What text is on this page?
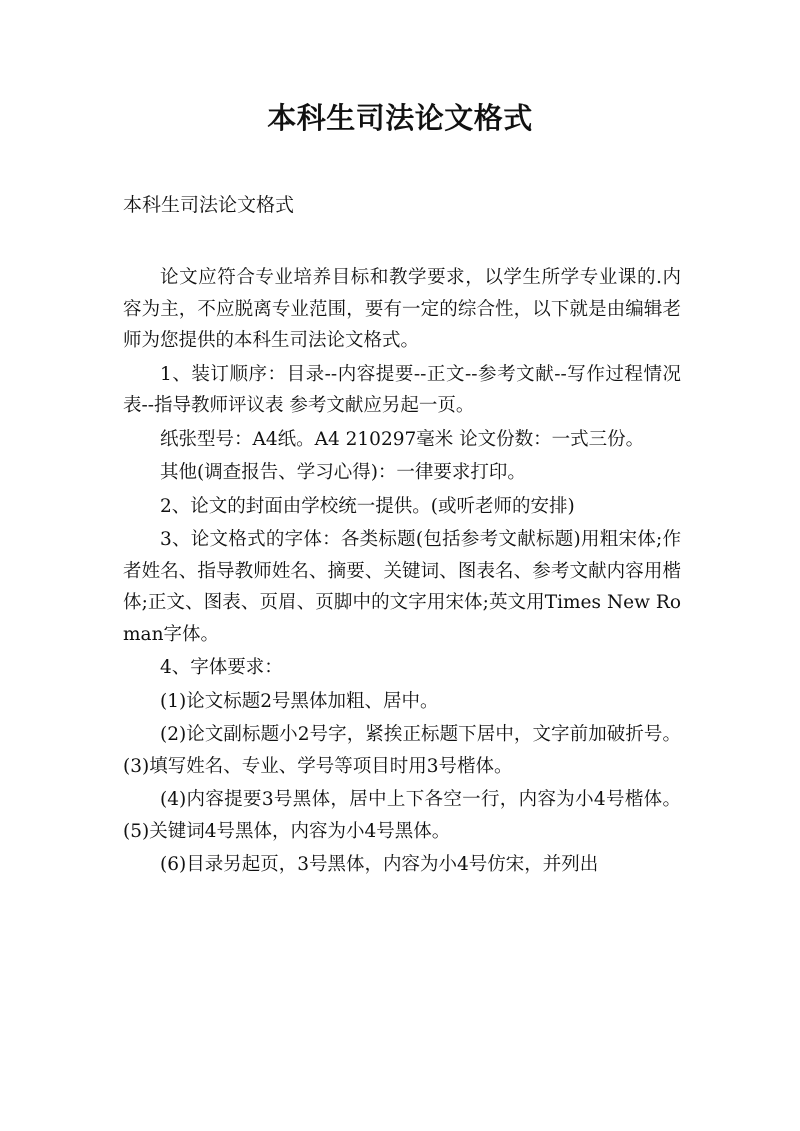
本科生司法论文格式

本科生司法论文格式

论文应符合专业培养目标和教学要求，以学生所学专业课的.内容为主，不应脱离专业范围，要有一定的综合性，以下就是由编辑老师为您提供的本科生司法论文格式。

1、装订顺序：目录--内容提要--正文--参考文献--写作过程情况表--指导教师评议表 参考文献应另起一页。

纸张型号：A4纸。A4 210297毫米 论文份数：一式三份。

其他(调查报告、学习心得)：一律要求打印。

2、论文的封面由学校统一提供。(或听老师的安排)

3、论文格式的字体：各类标题(包括参考文献标题)用粗宋体;作者姓名、指导教师姓名、摘要、关键词、图表名、参考文献内容用楷体;正文、图表、页眉、页脚中的文字用宋体;英文用Times New Roman字体。

4、字体要求：

(1)论文标题2号黑体加粗、居中。

(2)论文副标题小2号字，紧挨正标题下居中，文字前加破折号。 (3)填写姓名、专业、学号等项目时用3号楷体。

(4)内容提要3号黑体，居中上下各空一行，内容为小4号楷体。 (5)关键词4号黑体，内容为小4号黑体。

(6)目录另起页，3号黑体，内容为小4号仿宋，并列出
